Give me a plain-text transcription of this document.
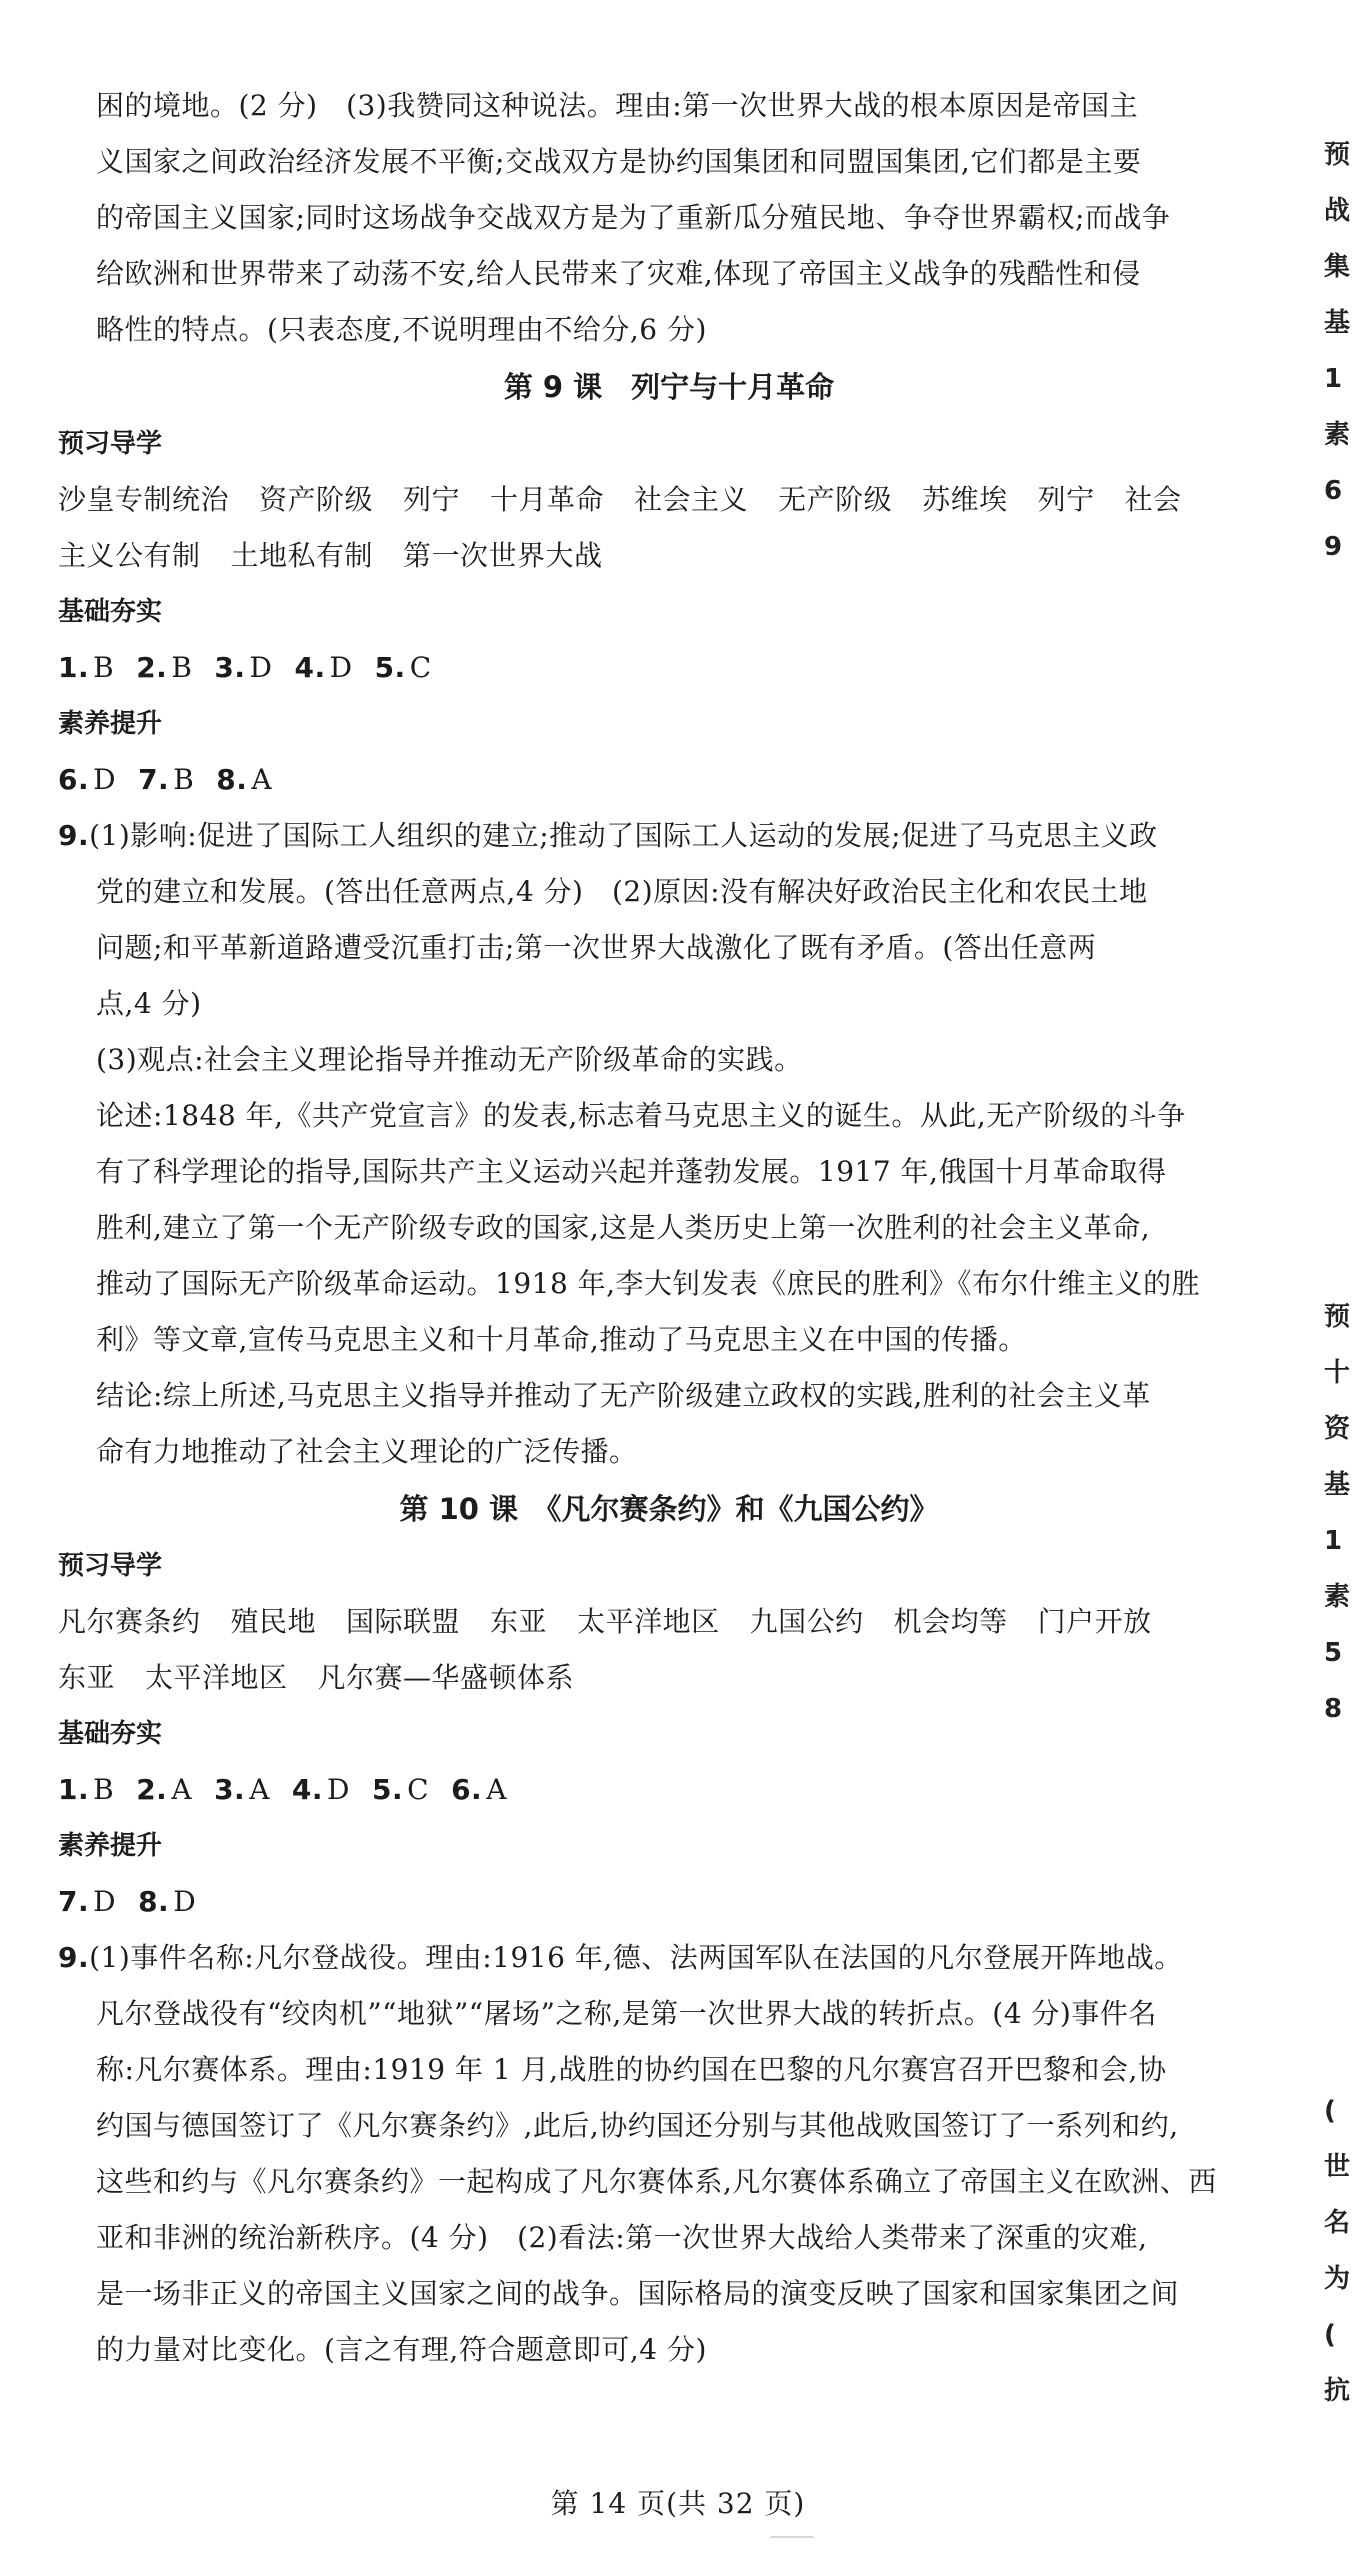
困的境地。(2 分)　(3)我赞同这种说法。理由:第一次世界大战的根本原因是帝国主
义国家之间政治经济发展不平衡;交战双方是协约国集团和同盟国集团,它们都是主要
的帝国主义国家;同时这场战争交战双方是为了重新瓜分殖民地、争夺世界霸权;而战争
给欧洲和世界带来了动荡不安,给人民带来了灾难,体现了帝国主义战争的残酷性和侵
略性的特点。(只表态度,不说明理由不给分,6 分)
第 9 课　列宁与十月革命
预习导学
沙皇专制统治 资产阶级 列宁 十月革命 社会主义 无产阶级 苏维埃 列宁 社会
主义公有制 土地私有制 第一次世界大战
基础夯实
1. B 2. B 3. D 4. D 5. C
素养提升
6. D 7. B 8. A
9.(1)影响:促进了国际工人组织的建立;推动了国际工人运动的发展;促进了马克思主义政
党的建立和发展。(答出任意两点,4 分)　(2)原因:没有解决好政治民主化和农民土地
问题;和平革新道路遭受沉重打击;第一次世界大战激化了既有矛盾。(答出任意两
点,4 分)
(3)观点:社会主义理论指导并推动无产阶级革命的实践。
论述:1848 年,《共产党宣言》的发表,标志着马克思主义的诞生。从此,无产阶级的斗争
有了科学理论的指导,国际共产主义运动兴起并蓬勃发展。1917 年,俄国十月革命取得
胜利,建立了第一个无产阶级专政的国家,这是人类历史上第一次胜利的社会主义革命,
推动了国际无产阶级革命运动。1918 年,李大钊发表《庶民的胜利》《布尔什维主义的胜
利》等文章,宣传马克思主义和十月革命,推动了马克思主义在中国的传播。
结论:综上所述,马克思主义指导并推动了无产阶级建立政权的实践,胜利的社会主义革
命有力地推动了社会主义理论的广泛传播。
第 10 课　《凡尔赛条约》和《九国公约》
预习导学
凡尔赛条约 殖民地 国际联盟 东亚 太平洋地区 九国公约 机会均等 门户开放
东亚 太平洋地区 凡尔赛—华盛顿体系
基础夯实
1. B 2. A 3. A 4. D 5. C 6. A
素养提升
7. D 8. D
9.(1)事件名称:凡尔登战役。理由:1916 年,德、法两国军队在法国的凡尔登展开阵地战。
凡尔登战役有“绞肉机”“地狱”“屠场”之称,是第一次世界大战的转折点。(4 分)事件名
称:凡尔赛体系。理由:1919 年 1 月,战胜的协约国在巴黎的凡尔赛宫召开巴黎和会,协
约国与德国签订了《凡尔赛条约》,此后,协约国还分别与其他战败国签订了一系列和约,
这些和约与《凡尔赛条约》一起构成了凡尔赛体系,凡尔赛体系确立了帝国主义在欧洲、西
亚和非洲的统治新秩序。(4 分)　(2)看法:第一次世界大战给人类带来了深重的灾难,
是一场非正义的帝国主义国家之间的战争。国际格局的演变反映了国家和国家集团之间
的力量对比变化。(言之有理,符合题意即可,4 分)
第 14 页(共 32 页)
预
战
集
基
1
素
6
9
预
十
资
基
1
素
5
8
(
世
名
为
(
抗
